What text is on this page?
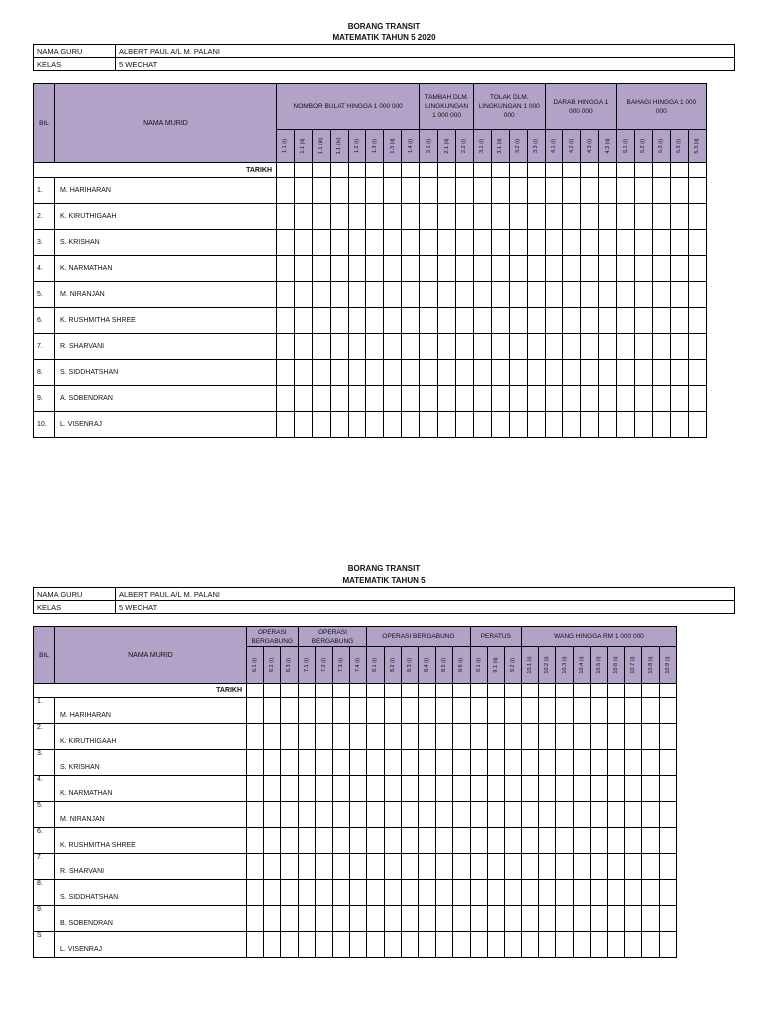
BORANG TRANSIT
MATEMATIK TAHUN 5 2020
NAMA GURU	ALBERT PAUL A/L M. PALANI
KELAS	5 WECHAT
BIL	NAMA MURID	NOMBOR BULAT HINGGA 1 000 000								TAMBAH DLM. LINGKUNGAN 1 000 000			TOLAK DLM. LINGKUNGAN 1 000 000				DARAB HINGGA 1 000 000				BAHAGI HINGGA 1 000 000				

		1.1 (i)	1.1 (ii)	1.1 (iii)	1.1 (iv)	1.2 (i)	1.3 (i)	1.3 (ii)	1.4 (i)	2.1 (i)	2.1 (ii)	2.2 (i)	3.1 (i)	3.1 (ii)	3.2 (i)	3.3 (i)	4.1 (i)	4.2 (i)	4.3 (i)	4.3 (ii)	5.1 (i)	5.2 (i)	5.3 (i)	5.3 (i)	5.3 (ii)

TARIKH																									
1.	M. HARIHARAN																								
2.	K. KIRUTHIGAAH																								
3.	S. KRISHAN																								
4.	K. NARMATHAN																								
5.	M. NIRANJAN																								
6.	K. RUSHMITHA SHREE																								
7.	R. SHARVANI																								
8.	S. SIDDHATSHAN																								
9.	A. SOBENDRAN																								
10.	L. VISENRAJ																								
BORANG TRANSIT
MATEMATIK TAHUN 5
NAMA GURU	ALBERT PAUL A/L M. PALANI
KELAS	5 WECHAT
BIL	NAMA MURID	OPERASI BERGABUNG			OPERASI BERGABUNG				OPERASI BERGABUNG						PERATUS			WANG HINGGA RM 1 000 000								

		6.1 (i)	6.2 (i)	6.3 (i)	7.1 (i)	7.2 (i)	7.3 (i)	7.4 (i)	8.1 (i)	8.2 (i)	8.3 (i)	8.4 (i)	8.5 (i)	8.6 (i)	9.1 (i)	9.1 (ii)	9.2 (i)	10.1 (i)	10.2 (i)	10.3 (i)	10.4 (i)	10.5 (i)	10.6 (i)	10.7 (i)	10.8 (i)	10.9 (i)

TARIKH																										
1.	M. HARIHARAN																									
2.	K. KIRUTHIGAAH																									
3.	S. KRISHAN																									
4.	K. NARMATHAN																									
5.	M. NIRANJAN																									
6.	K. RUSHMITHA SHREE																									
7.	R. SHARVANI																									
8.	S. SIDDHATSHAN																									
9.	B. SOBENDRAN																									
S	L. VISENRAJ																									
